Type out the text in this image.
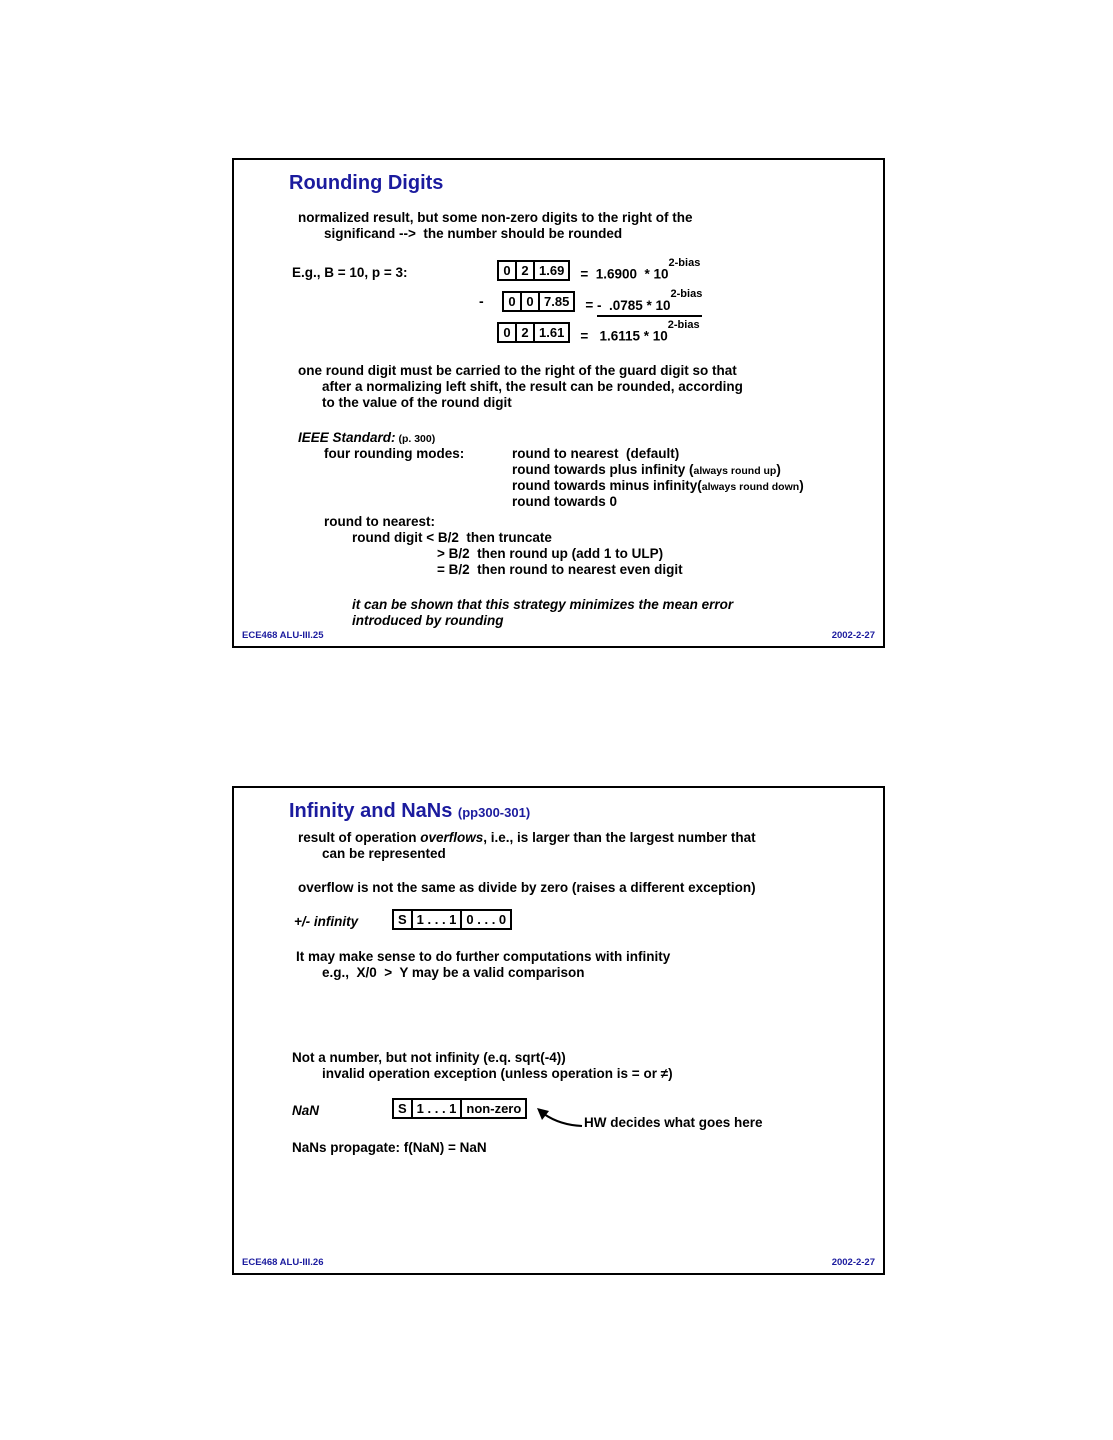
Rounding Digits
normalized result, but some non-zero digits to the right of the
significand -->  the number should be rounded
E.g., B = 10, p = 3:	0 2 1.69	=  $1.6900 * 10^{2-bias}$
-	0 0 7.85	= -  $.0785 * 10^{2-bias}$
0 2 1.61	=   $1.6115 * 10^{2-bias}$
one round digit must be carried to the right of the guard digit so that
after a normalizing left shift, the result can be rounded, according
to the value of the round digit
IEEE Standard: (p. 300)
four rounding modes:	round to nearest  (default)
round towards plus infinity (always round up)
round towards minus infinity(always round down)
round towards 0
round to nearest:
round digit < B/2  then truncate
> B/2  then round up (add 1 to ULP)
= B/2  then round to nearest even digit
it can be shown that this strategy minimizes the mean error
introduced by rounding
ECE468 ALU-III.25	2002-2-27
Infinity and NaNs (pp300-301)
result of operation overflows, i.e., is larger than the largest number that
can be represented
overflow is not the same as divide by zero (raises a different exception)
+/- infinity	S 1 . . . 1 0 . . . 0
It may make sense to do further computations with infinity
e.g.,  X/0  >  Y may be a valid comparison
Not a number, but not infinity (e.q. sqrt(-4))
invalid operation exception (unless operation is = or ≠)
NaN	S 1 . . . 1 non-zero
HW decides what goes here
NaNs propagate: f(NaN) = NaN
ECE468 ALU-III.26	2002-2-27
